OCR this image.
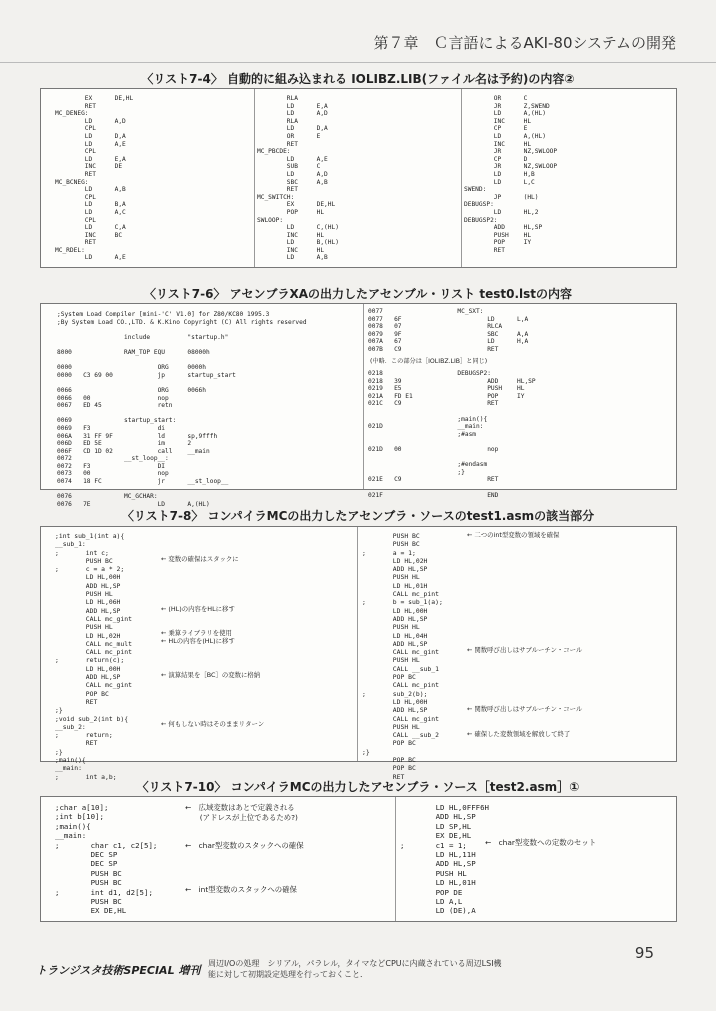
第７章　Ｃ言語によるAKI-80システムの開発
〈リスト7-4〉 自動的に組み込まれる IOLIBZ.LIB(ファイル名は予約)の内容②
EX      DE,HL
RET
MC_DENEG:
LD      A,D
CPL
LD      D,A
LD      A,E
CPL
LD      E,A
INC     DE
RET
MC_BCNEG:
LD      A,B
CPL
LD      B,A
LD      A,C
CPL
LD      C,A
INC     BC
RET
MC_RDEL:
LD      A,E
RLA
LD      E,A
LD      A,D
RLA
LD      D,A
OR      E
RET
MC_PBCDE:
LD      A,E
SUB     C
LD      A,D
SBC     A,B
RET
MC_SWITCH:
EX      DE,HL
POP     HL
SWLOOP:
LD      C,(HL)
INC     HL
LD      B,(HL)
INC     HL
LD      A,B
OR      C
JR      Z,SWEND
LD      A,(HL)
INC     HL
CP      E
LD      A,(HL)
INC     HL
JR      NZ,SWLOOP
CP      D
JR      NZ,SWLOOP
LD      H,B
LD      L,C
SWEND:
JP      (HL)
DEBUGSP:
LD      HL,2
DEBUGSP2:
ADD     HL,SP
PUSH    HL
POP     IY
RET
〈リスト7-6〉 アセンブラXAの出力したアセンブル・リスト test0.lstの内容
;System Load Compiler [mini-'C' V1.0] for Z80/KC80 1995.3
;By System Load CO.,LTD. & K.Kino Copyright (C) All rights reserved

include          "startup.h"

8000              RAM_TOP EQU      08000h

0000                       ORG     0000h
0000   C3 69 00            jp      startup_start

0066                       ORG     0066h
0066   00                  nop
0067   ED 45               retn

0069              startup_start:
0069   F3                  di
006A   31 FF 9F            ld      sp,9fffh
006D   ED 5E               im      2
006F   CD 1D 02            call    __main
0072              __st_loop__:
0072   F3                  DI
0073   00                  nop
0074   18 FC               jr      __st_loop__

0076              MC_GCHAR:
0076   7E                  LD      A,(HL)
0077                    MC_SXT:
0077   6F                       LD      L,A
0078   07                       RLCA
0079   9F                       SBC     A,A
007A   67                       LD      H,A
007B   C9                       RET
(中略．この部分は［IOLIBZ.LIB］と同じ)
0218                    DEBUGSP2:
0218   39                       ADD     HL,SP
0219   E5                       PUSH    HL
021A   FD E1                    POP     IY
021C   C9                       RET

;main(){
021D                    __main:
;#asm

021D   00                       nop

;#endasm
;}
021E   C9                       RET

021F                            END
〈リスト7-8〉 コンパイラMCの出力したアセンブラ・ソースのtest1.asmの該当部分
;int sub_1(int a){
__sub_1:
;       int c;
PUSH BC
;       c = a * 2;
LD HL,00H
ADD HL,SP
PUSH HL
LD HL,06H
ADD HL,SP
CALL mc_gint
PUSH HL
LD HL,02H
CALL mc_mult
CALL mc_pint
;       return(c);
LD HL,00H
ADD HL,SP
CALL mc_gint
POP BC
RET
;}
;void sub_2(int b){
__sub_2:
;       return;
RET
;}
;main(){
__main:
;       int a,b;
PUSH BC
PUSH BC
;       a = 1;
LD HL,02H
ADD HL,SP
PUSH HL
LD HL,01H
CALL mc_pint
;       b = sub_1(a);
LD HL,00H
ADD HL,SP
PUSH HL
LD HL,04H
ADD HL,SP
CALL mc_gint
PUSH HL
CALL __sub_1
POP BC
CALL mc_pint
;       sub_2(b);
LD HL,00H
ADD HL,SP
CALL mc_gint
PUSH HL
CALL __sub_2
POP BC
;}
POP BC
POP BC
RET
← 変数の確保はスタックに
← (HL)の内容をHLに移す
← 乗算ライブラリを使用
← HLの内容を(HL)に移す
← 演算結果を［BC］の変数に格納
← 何もしない時はそのままリターン
← 二つのint型変数の領域を確保
← 関数呼び出しはサブルーチン・コール
← 関数呼び出しはサブルーチン・コール
← 確保した変数領域を解放して終了
〈リスト7-10〉 コンパイラMCの出力したアセンブラ・ソース［test2.asm］①
;char a[10];
;int b[10];
;main(){
__main:
;       char c1, c2[5];
DEC SP
DEC SP
PUSH BC
PUSH BC
;       int d1, d2[5];
PUSH BC
EX DE,HL
LD HL,0FFF6H
ADD HL,SP
LD SP,HL
EX DE,HL
;       c1 = 1;
LD HL,11H
ADD HL,SP
PUSH HL
LD HL,01H
POP DE
LD A,L
LD (DE),A
←　広域変数はあとで定義される
　　(アドレスが上位であるため?)
←　char型変数のスタックへの確保
←　int型変数のスタックへの確保
←　char型変数への定数のセット
トランジスタ技術SPECIAL 増刊
周辺I/Oの処理　シリアル，パラレル，タイマなどCPUに内蔵されている周辺LSI機
能に対して初期設定処理を行っておくこと．
95
